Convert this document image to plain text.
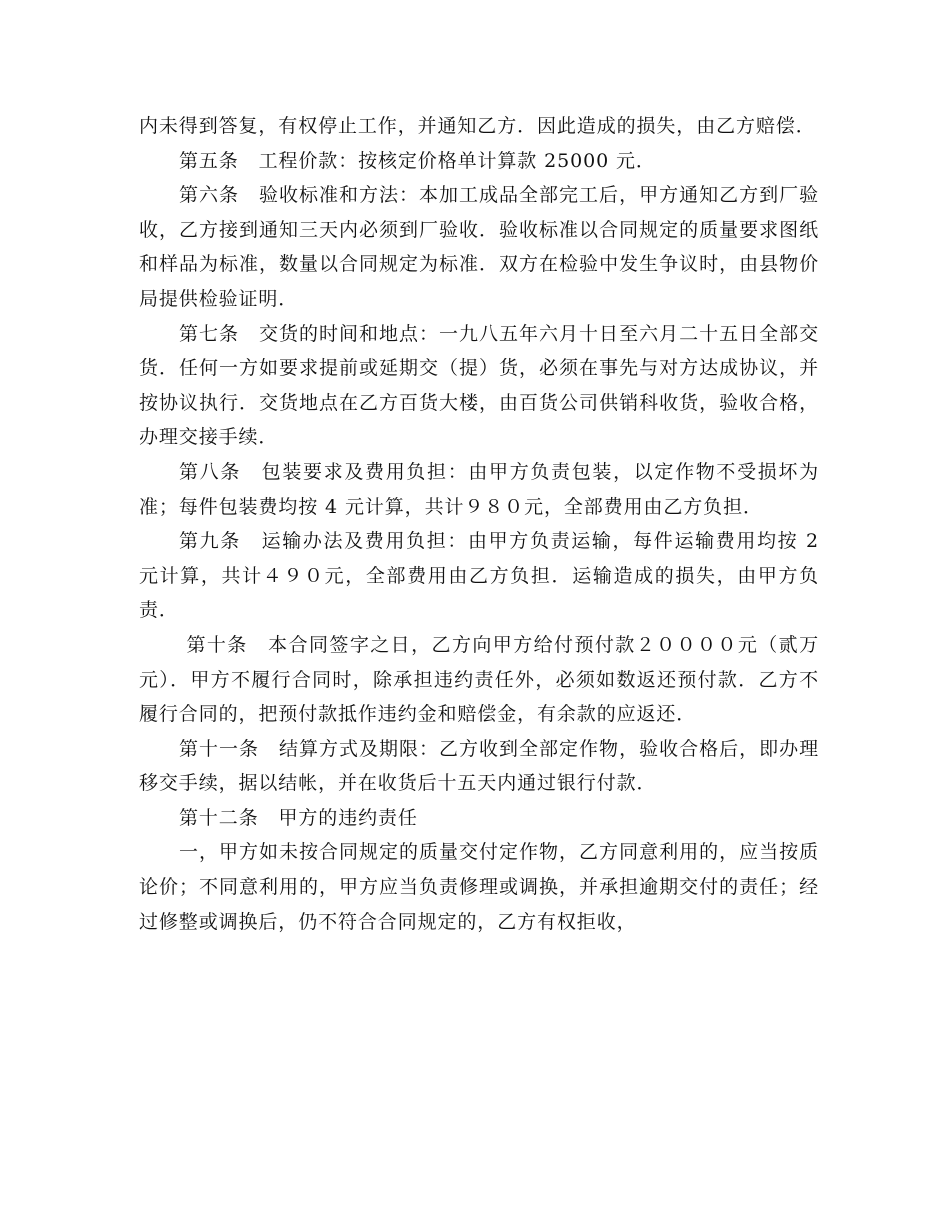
内未得到答复，有权停止工作，并通知乙方．因此造成的损失，由乙方赔偿．

第五条　工程价款：按核定价格单计算款 25000 元．

第六条　验收标准和方法：本加工成品全部完工后，甲方通知乙方到厂验收，乙方接到通知三天内必须到厂验收．验收标准以合同规定的质量要求图纸和样品为标准，数量以合同规定为标准．双方在检验中发生争议时，由县物价局提供检验证明．

第七条　交货的时间和地点：一九八五年六月十日至六月二十五日全部交货．任何一方如要求提前或延期交（提）货，必须在事先与对方达成协议，并按协议执行．交货地点在乙方百货大楼，由百货公司供销科收货，验收合格，办理交接手续．

第八条　包装要求及费用负担：由甲方负责包装，以定作物不受损坏为准；每件包装费均按 4 元计算，共计９８０元，全部费用由乙方负担．

第九条　运输办法及费用负担：由甲方负责运输，每件运输费用均按 2 元计算，共计４９０元，全部费用由乙方负担．运输造成的损失，由甲方负责．

第十条　本合同签字之日，乙方向甲方给付预付款２００００元（贰万元）．甲方不履行合同时，除承担违约责任外，必须如数返还预付款．乙方不履行合同的，把预付款抵作违约金和赔偿金，有余款的应返还．

第十一条　结算方式及期限：乙方收到全部定作物，验收合格后，即办理移交手续，据以结帐，并在收货后十五天内通过银行付款．

第十二条　甲方的违约责任

一，甲方如未按合同规定的质量交付定作物，乙方同意利用的，应当按质论价；不同意利用的，甲方应当负责修理或调换，并承担逾期交付的责任；经过修整或调换后，仍不符合合同规定的，乙方有权拒收，
